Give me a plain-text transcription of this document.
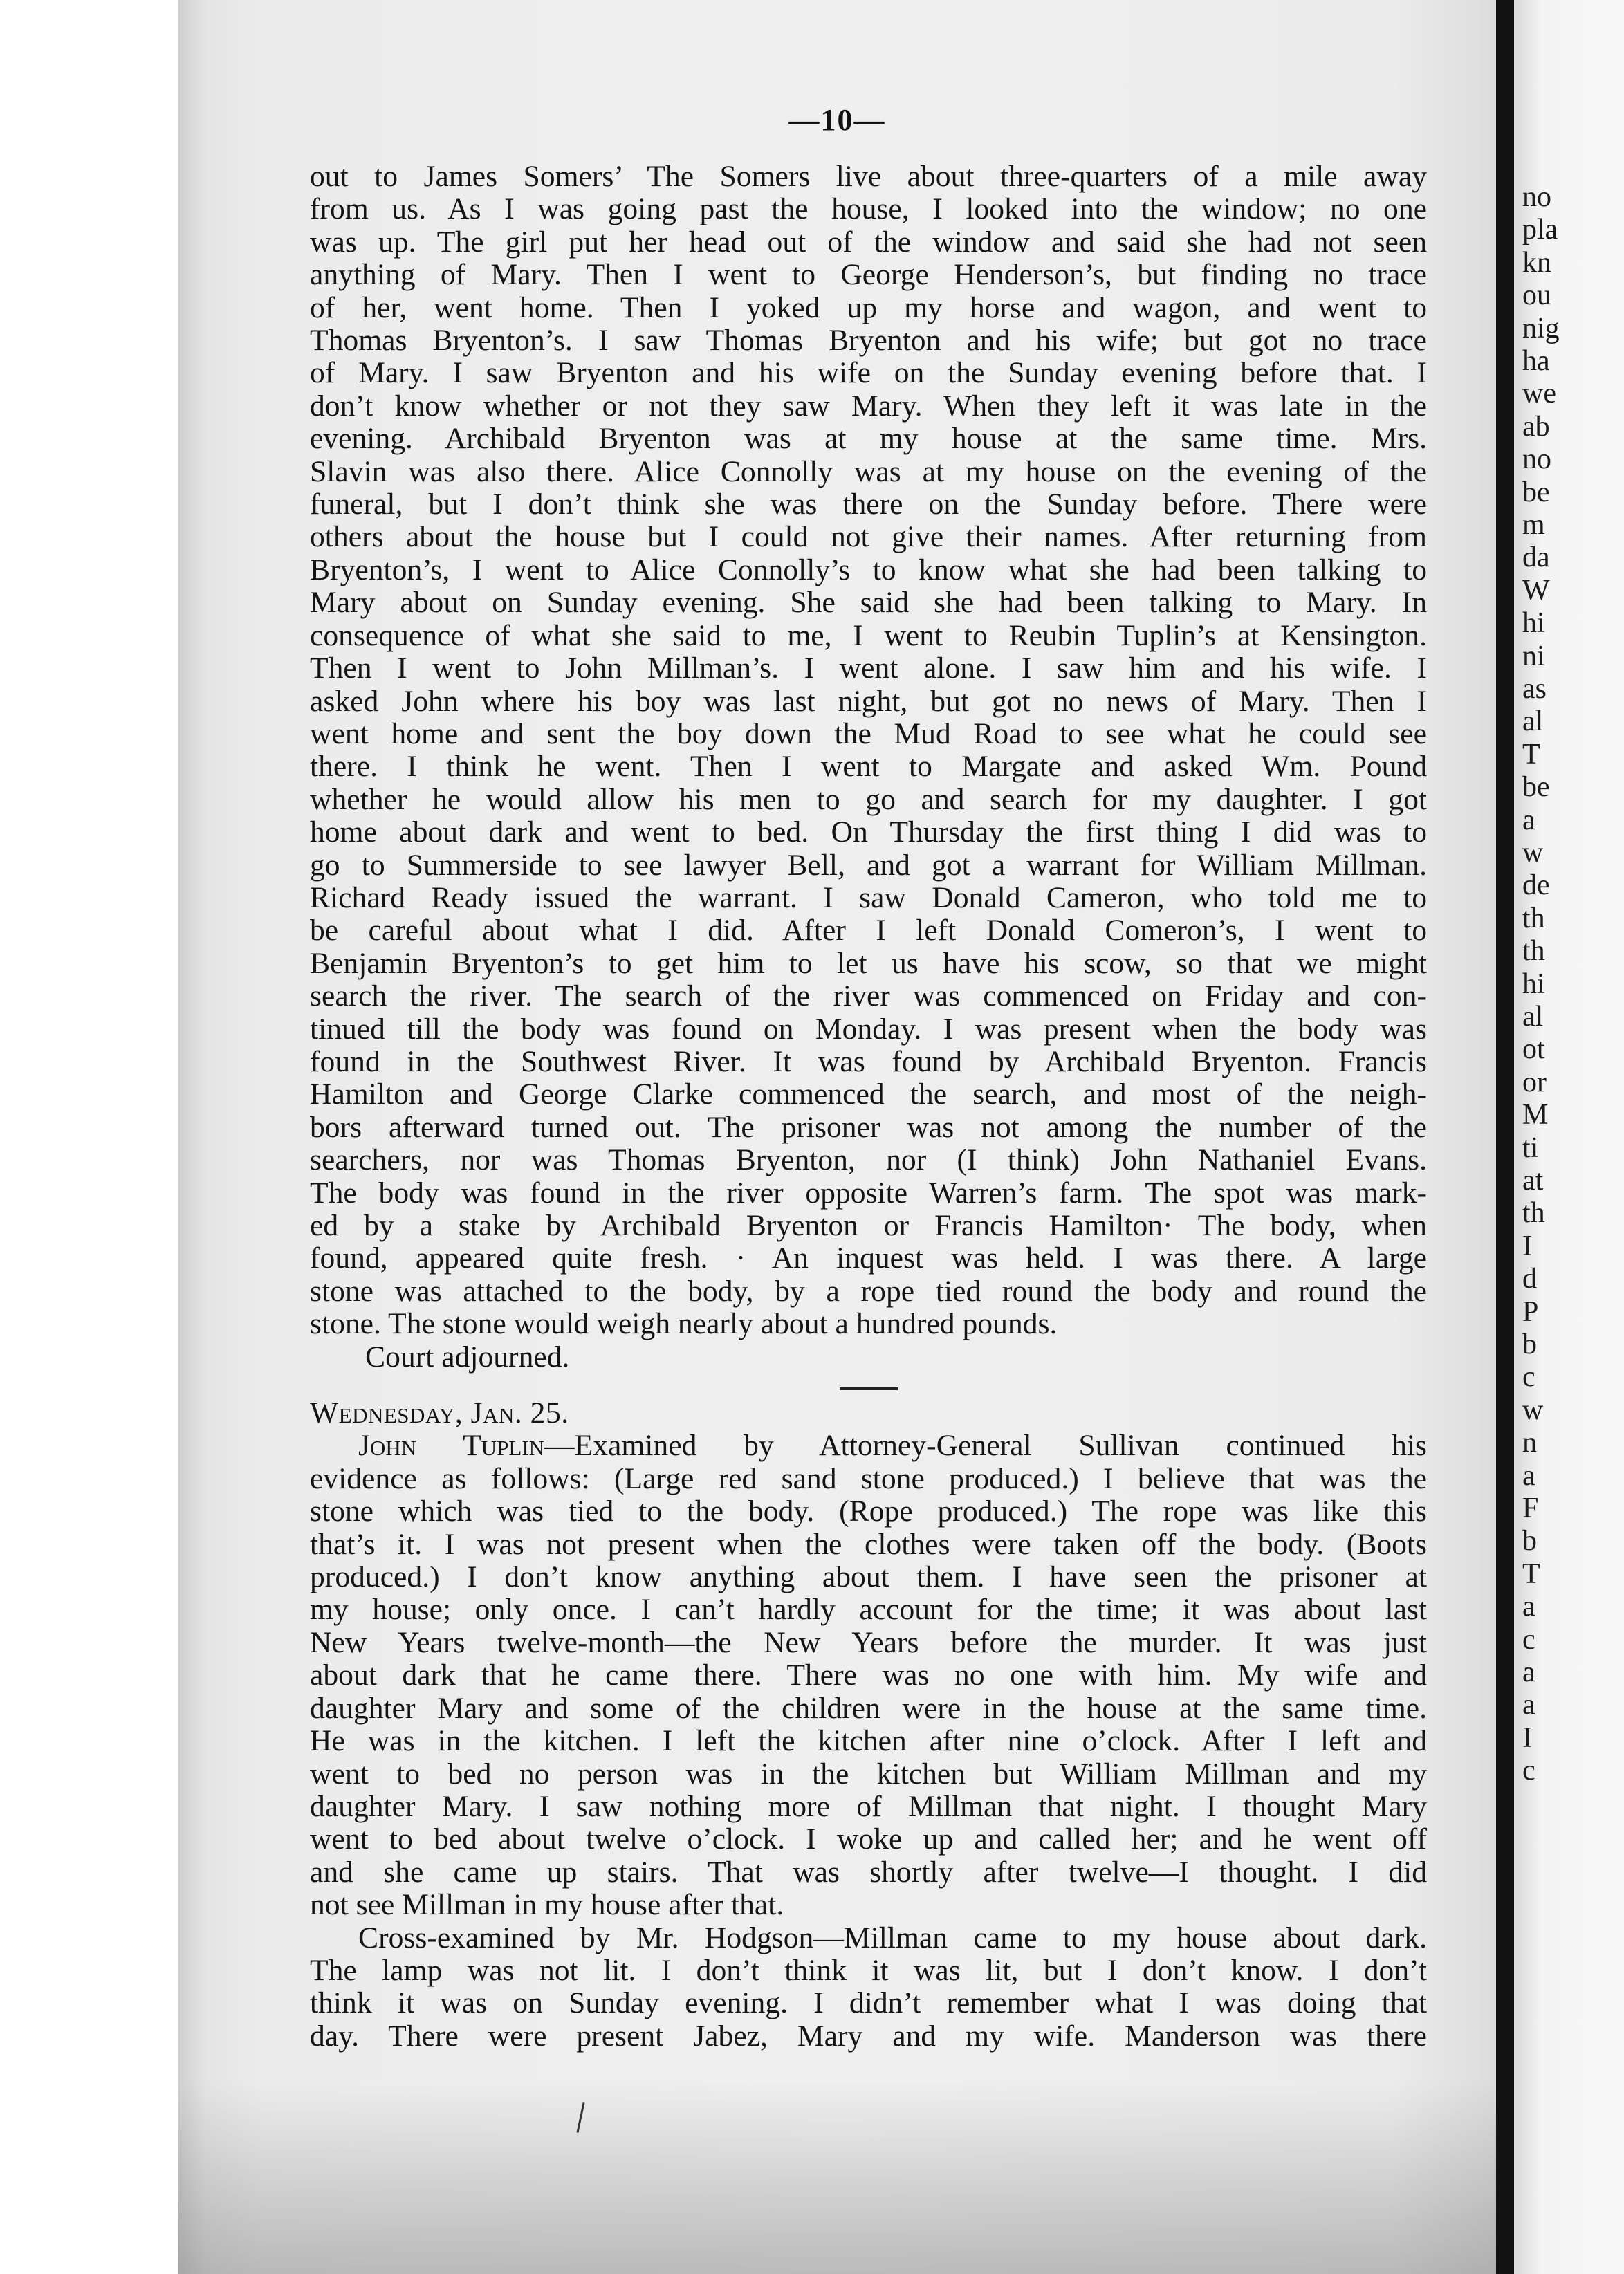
—10—
out to James Somers’ The Somers live about three-quarters of a mile away
from us. As I was going past the house, I looked into the window; no one
was up. The girl put her head out of the window and said she had not seen
anything of Mary. Then I went to George Henderson’s, but finding no trace
of her, went home. Then I yoked up my horse and wagon, and went to
Thomas Bryenton’s. I saw Thomas Bryenton and his wife; but got no trace
of Mary. I saw Bryenton and his wife on the Sunday evening before that. I
don’t know whether or not they saw Mary. When they left it was late in the
evening. Archibald Bryenton was at my house at the same time. Mrs.
Slavin was also there. Alice Connolly was at my house on the evening of the
funeral, but I don’t think she was there on the Sunday before. There were
others about the house but I could not give their names. After returning from
Bryenton’s, I went to Alice Connolly’s to know what she had been talking to
Mary about on Sunday evening. She said she had been talking to Mary. In
consequence of what she said to me, I went to Reubin Tuplin’s at Kensington.
Then I went to John Millman’s. I went alone. I saw him and his wife. I
asked John where his boy was last night, but got no news of Mary. Then I
went home and sent the boy down the Mud Road to see what he could see
there. I think he went. Then I went to Margate and asked Wm. Pound
whether he would allow his men to go and search for my daughter. I got
home about dark and went to bed. On Thursday the first thing I did was to
go to Summerside to see lawyer Bell, and got a warrant for William Millman.
Richard Ready issued the warrant. I saw Donald Cameron, who told me to
be careful about what I did. After I left Donald Comeron’s, I went to
Benjamin Bryenton’s to get him to let us have his scow, so that we might
search the river. The search of the river was commenced on Friday and con-
tinued till the body was found on Monday. I was present when the body was
found in the Southwest River. It was found by Archibald Bryenton. Francis
Hamilton and George Clarke commenced the search, and most of the neigh-
bors afterward turned out. The prisoner was not among the number of the
searchers, nor was Thomas Bryenton, nor (I think) John Nathaniel Evans.
The body was found in the river opposite Warren’s farm. The spot was mark-
ed by a stake by Archibald Bryenton or Francis Hamilton· The body, when
found, appeared quite fresh. · An inquest was held. I was there. A large
stone was attached to the body, by a rope tied round the body and round the
stone. The stone would weigh nearly about a hundred pounds.
Court adjourned.
Wednesday, Jan. 25.
John Tuplin—Examined by Attorney-General Sullivan continued his
evidence as follows: (Large red sand stone produced.) I believe that was the
stone which was tied to the body. (Rope produced.) The rope was like this
that’s it. I was not present when the clothes were taken off the body. (Boots
produced.) I don’t know anything about them. I have seen the prisoner at
my house; only once. I can’t hardly account for the time; it was about last
New Years twelve-month—the New Years before the murder. It was just
about dark that he came there. There was no one with him. My wife and
daughter Mary and some of the children were in the house at the same time.
He was in the kitchen. I left the kitchen after nine o’clock. After I left and
went to bed no person was in the kitchen but William Millman and my
daughter Mary. I saw nothing more of Millman that night. I thought Mary
went to bed about twelve o’clock. I woke up and called her; and he went off
and she came up stairs. That was shortly after twelve—I thought. I did
not see Millman in my house after that.
Cross-examined by Mr. Hodgson—Millman came to my house about dark.
The lamp was not lit. I don’t think it was lit, but I don’t know. I don’t
think it was on Sunday evening. I didn’t remember what I was doing that
day. There were present Jabez, Mary and my wife. Manderson was there
no
pla
kn
ou
nig
ha
we
ab
no
be
m
da
W
hi
ni
as
al
T
be
a
w
de
th
th
hi
al
ot
or
M
ti
at
th
I
d
P
b
c
w
n
a
F
b
T
a
c
a
a
I
c
